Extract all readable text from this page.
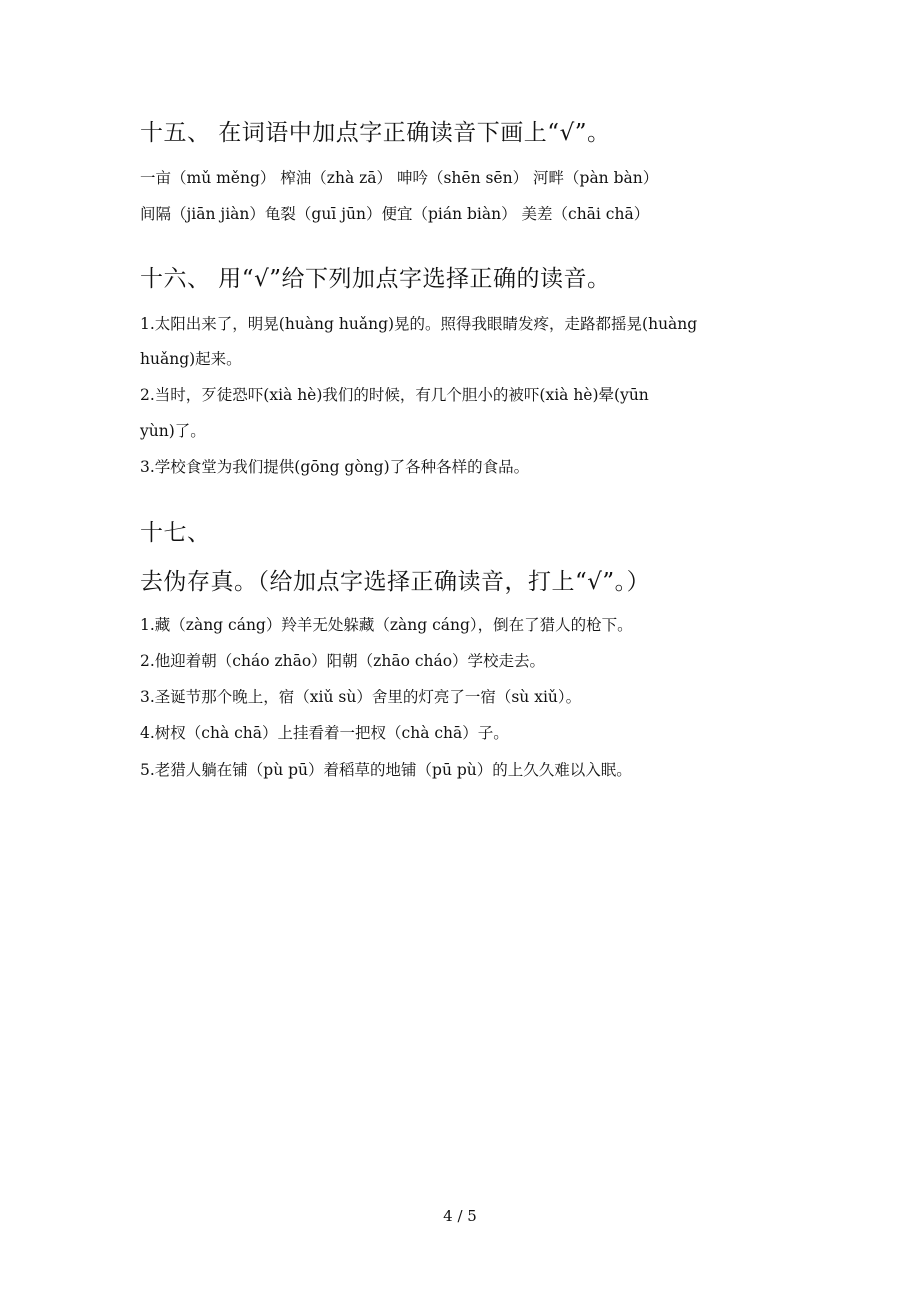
十五、 在词语中加点字正确读音下画上“√”。
一亩（mǔ měng） 榨油（zhà zā） 呻吟（shēn sēn） 河畔（pàn bàn）
间隔（jiān jiàn）龟裂（guī jūn）便宜（pián biàn） 美差（chāi chā）
十六、 用“√”给下列加点字选择正确的读音。
1.太阳出来了，明晃(huàng huǎng)晃的。照得我眼睛发疼，走路都摇晃(huàng
huǎng)起来。
2.当时，歹徒恐吓(xià hè)我们的时候，有几个胆小的被吓(xià hè)晕(yūn
yùn)了。
3.学校食堂为我们提供(gōng gòng)了各种各样的食品。
十七、
去伪存真。（给加点字选择正确读音，打上“√”。）
1.藏（zàng cáng）羚羊无处躲藏（zàng cáng），倒在了猎人的枪下。
2.他迎着朝（cháo zhāo）阳朝（zhāo cháo）学校走去。
3.圣诞节那个晚上，宿（xiǔ sù）舍里的灯亮了一宿（sù xiǔ）。
4.树杈（chà chā）上挂看着一把杈（chà chā）子。
5.老猎人躺在铺（pù pū）着稻草的地铺（pū pù）的上久久难以入眠。
4 / 5
